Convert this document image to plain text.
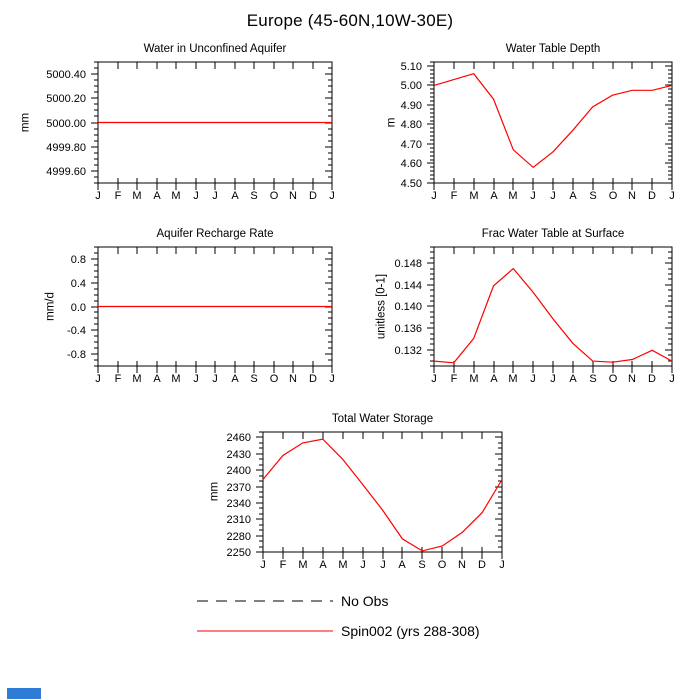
4999.60
4999.80
5000.00
5000.20
5000.40
J F M A M J J A S O N D J
4.50
4.60
4.70
4.80
4.90
5.00
5.10
J F M A M J J A S O N D J
-0.8
-0.4
0.0
0.4
0.8
J F M A M J J A S O N D J
0.132
0.136
0.140
0.144
0.148
J F M A M J J A S O N D J
2250
2280
2310
2340
2370
2400
2430
2460
J F M A M J J A S O N D J
Europe (45-60N,10W-30E)
Water in Unconfined Aquifer
mm
Water Table Depth
m
Aquifer Recharge Rate
mm/d
Frac Water Table at Surface
unitless [0-1]
Total Water Storage
mm
No Obs
Spin002 (yrs 288-308)
